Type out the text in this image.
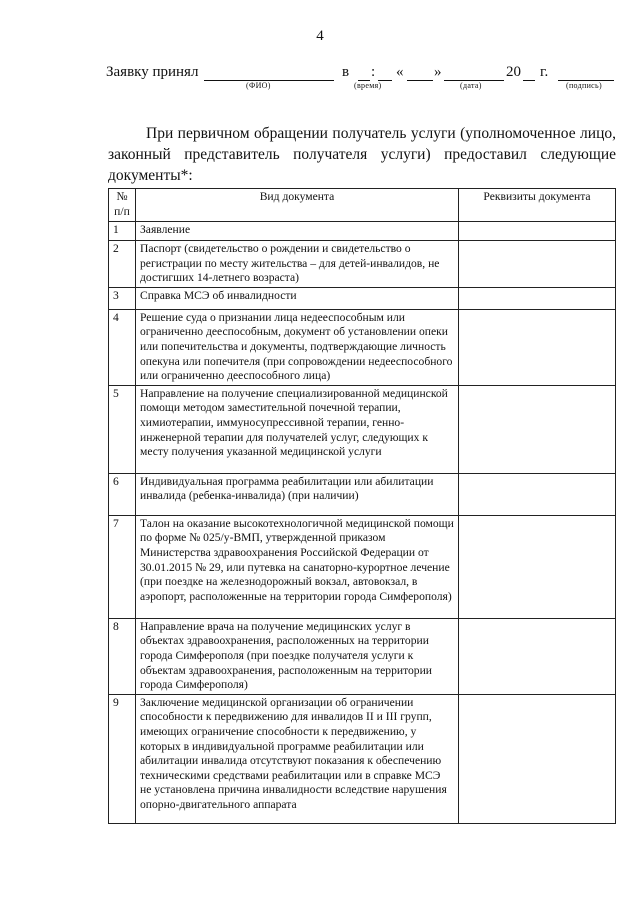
4
Заявку принял	в : « »	20 г.
(ФИО)	(время)	(дата)	(подпись)

При первичном обращении получатель услуги (уполномоченное лицо, законный представитель получателя услуги) предоставил следующие документы*:

№ п/п	Вид документа	Реквизиты документа
1	Заявление	
2	Паспорт (свидетельство о рождении и свидетельство о регистрации по месту жительства – для детей-инвалидов, не достигших 14-летнего возраста)	
3	Справка МСЭ об инвалидности	
4	Решение суда о признании лица недееспособным или ограниченно дееспособным, документ об установлении опеки или попечительства и документы, подтверждающие личность опекуна или попечителя (при сопровождении недееспособного или ограниченно дееспособного лица)	
5	Направление на получение специализированной медицинской помощи методом заместительной почечной терапии, химиотерапии, иммуносупрессивной терапии, генно-инженерной терапии для получателей услуг, следующих к месту получения указанной медицинской услуги	
6	Индивидуальная программа реабилитации или абилитации инвалида (ребенка-инвалида) (при наличии)	
7	Талон на оказание высокотехнологичной медицинской помощи по форме № 025/у-ВМП, утвержденной приказом Министерства здравоохранения Российской Федерации от 30.01.2015 № 29, или путевка на санаторно-курортное лечение (при поездке на железнодорожный вокзал, автовокзал, в аэропорт, расположенные на территории города Симферополя)	
8	Направление врача на получение медицинских услуг в объектах здравоохранения, расположенных на территории города Симферополя (при поездке получателя услуги к объектам здравоохранения, расположенным на территории города Симферополя)	
9	Заключение медицинской организации об ограничении способности к передвижению для инвалидов II и III групп, имеющих ограничение способности к передвижению, у которых в индивидуальной программе реабилитации или абилитации инвалида отсутствуют показания к обеспечению техническими средствами реабилитации или в справке МСЭ не установлена причина инвалидности вследствие нарушения опорно-двигательного аппарата	
